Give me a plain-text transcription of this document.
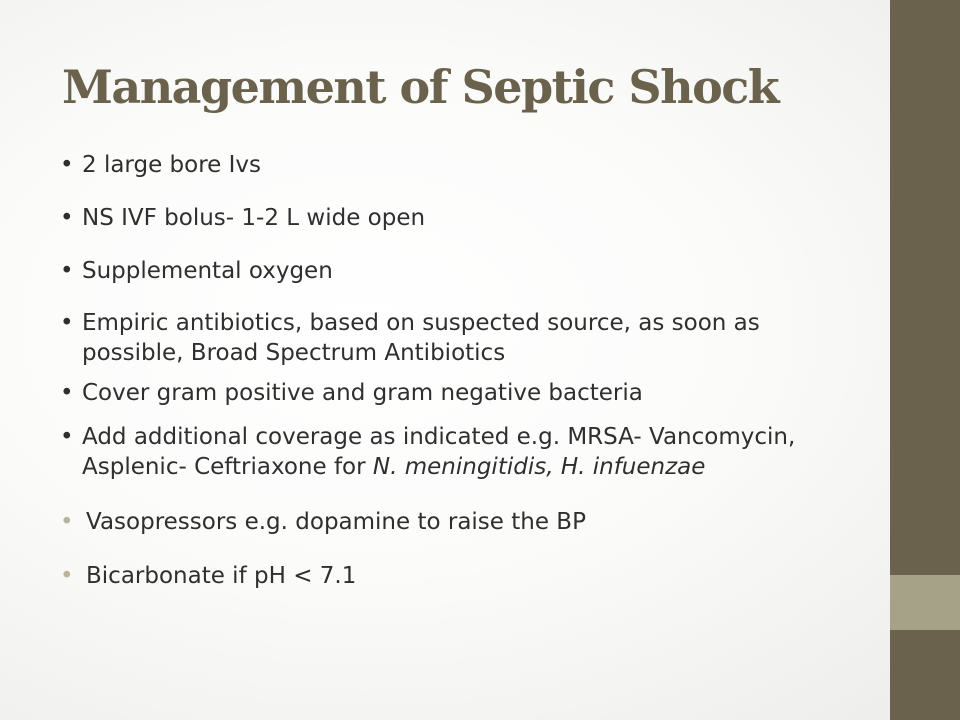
Management of Septic Shock
• 2 large bore Ivs
• NS IVF bolus- 1-2 L wide open
• Supplemental oxygen
• Empiric antibiotics, based on suspected source, as soon as possible, Broad Spectrum Antibiotics
• Cover gram positive and gram negative bacteria
• Add additional coverage as indicated e.g. MRSA- Vancomycin, Asplenic- Ceftriaxone for N. meningitidis, H. infuenzae
• Vasopressors e.g. dopamine to raise the BP
• Bicarbonate if pH < 7.1
